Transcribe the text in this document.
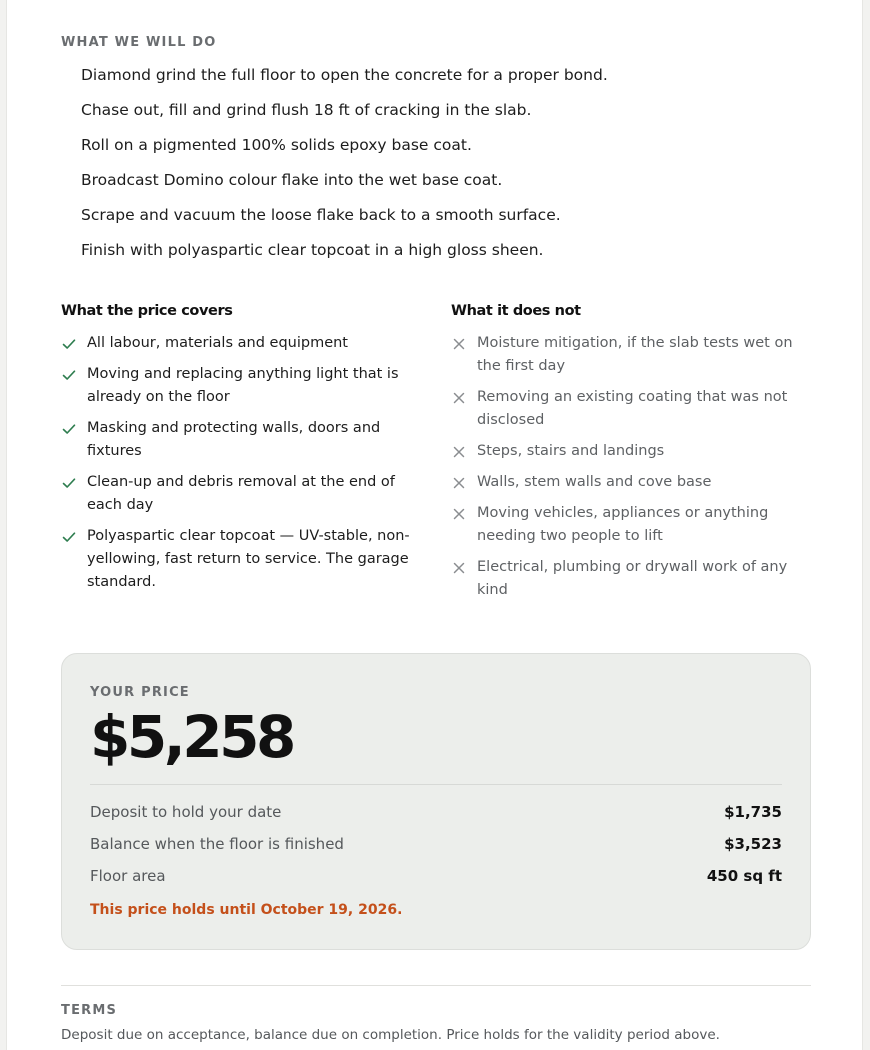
WHAT WE WILL DO
Diamond grind the full floor to open the concrete for a proper bond.
Chase out, fill and grind flush 18 ft of cracking in the slab.
Roll on a pigmented 100% solids epoxy base coat.
Broadcast Domino colour flake into the wet base coat.
Scrape and vacuum the loose flake back to a smooth surface.
Finish with polyaspartic clear topcoat in a high gloss sheen.
What the price covers
All labour, materials and equipment
Moving and replacing anything light that is already on the floor
Masking and protecting walls, doors and fixtures
Clean-up and debris removal at the end of each day
Polyaspartic clear topcoat — UV-stable, non-yellowing, fast return to service. The garage standard.
What it does not
Moisture mitigation, if the slab tests wet on the first day
Removing an existing coating that was not disclosed
Steps, stairs and landings
Walls, stem walls and cove base
Moving vehicles, appliances or anything needing two people to lift
Electrical, plumbing or drywall work of any kind
YOUR PRICE
$5,258
Deposit to hold your date	$1,735
Balance when the floor is finished	$3,523
Floor area	450 sq ft
This price holds until October 19, 2026.
TERMS
Deposit due on acceptance, balance due on completion. Price holds for the validity period above.
